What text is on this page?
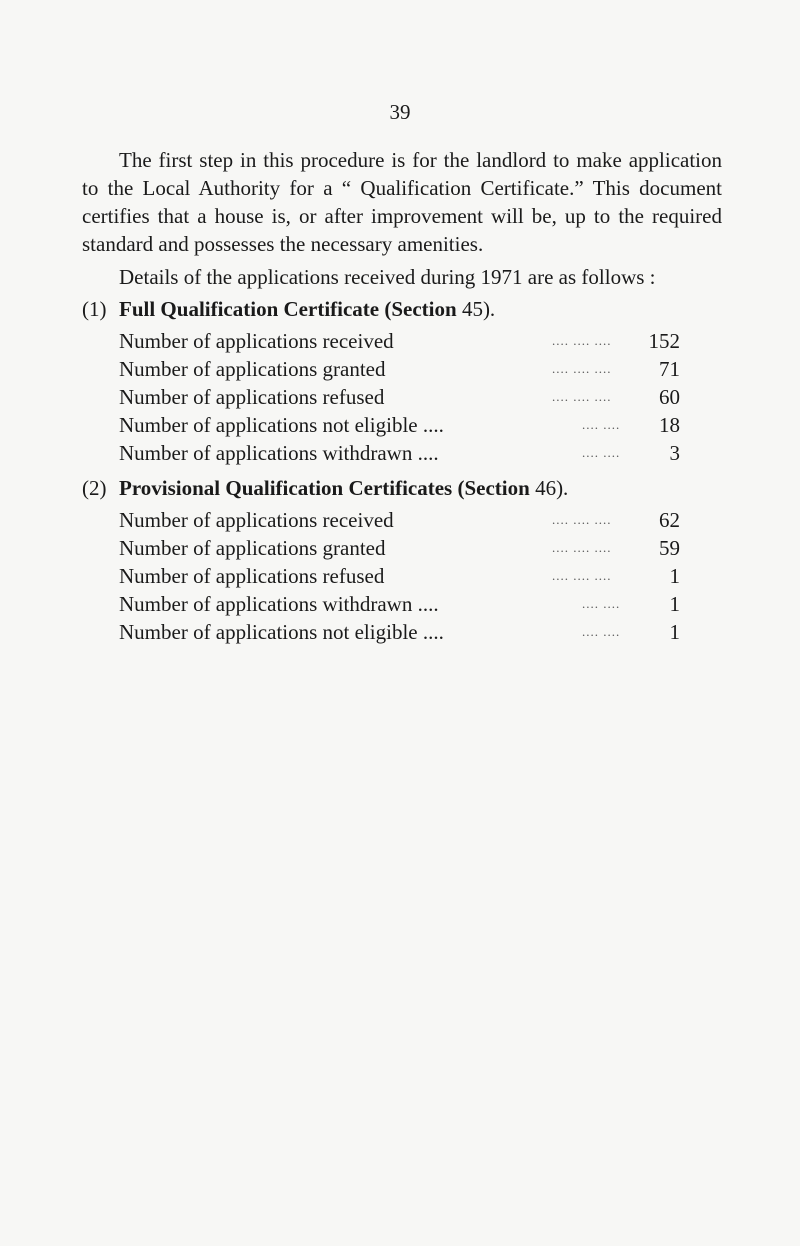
39

The first step in this procedure is for the landlord to make application to the Local Authority for a “ Qualification Certificate.” This document certifies that a house is, or after improvement will be, up to the required standard and possesses the necessary amenities.

Details of the applications received during 1971 are as follows :

(1) Full Qualification Certificate (Section 45).
Number of applications received	.... .... .... 152
Number of applications granted	.... .... .... 71
Number of applications refused	.... .... .... 60
Number of applications not eligible ....	.... .... 18
Number of applications withdrawn ....	.... .... 3
(2) Provisional Qualification Certificates (Section 46).
Number of applications received	.... .... .... 62
Number of applications granted	.... .... .... 59
Number of applications refused	.... .... ....	1
Number of applications withdrawn ....	.... .... 1
Number of applications not eligible ....	.... .... 1
